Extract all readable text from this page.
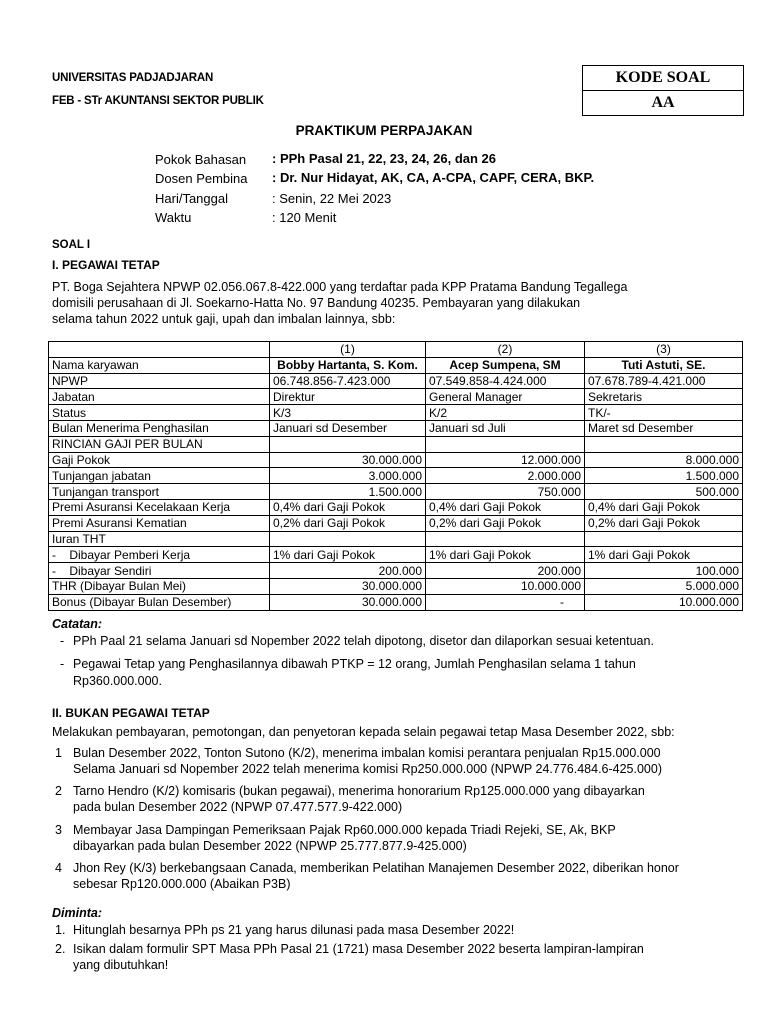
UNIVERSITAS PADJADJARAN
FEB - STr AKUNTANSI SEKTOR PUBLIK
KODE SOAL
AA
PRAKTIKUM PERPAJAKAN
Pokok Bahasan : PPh Pasal 21, 22, 23, 24, 26, dan 26
Dosen Pembina : Dr. Nur Hidayat, AK, CA, A-CPA, CAPF, CERA, BKP.
Hari/Tanggal	: Senin, 22 Mei 2023
Waktu	: 120 Menit
SOAL I
I. PEGAWAI TETAP
PT. Boga Sejahtera NPWP 02.056.067.8-422.000 yang terdaftar pada KPP Pratama Bandung Tegallega
domisili perusahaan di Jl. Soekarno-Hatta No. 97 Bandung 40235. Pembayaran yang dilakukan
selama tahun 2022 untuk gaji, upah dan imbalan lainnya, sbb:
	(1)	(2)	(3)
Nama karyawan	Bobby Hartanta, S. Kom.	Acep Sumpena, SM	Tuti Astuti, SE.
NPWP	06.748.856-7.423.000	07.549.858-4.424.000	07.678.789-4.421.000
Jabatan	Direktur	General Manager	Sekretaris
Status	K/3	K/2	TK/-
Bulan Menerima Penghasilan	Januari sd Desember	Januari sd Juli	Maret sd Desember
RINCIAN GAJI PER BULAN			
Gaji Pokok	30.000.000	12.000.000	8.000.000
Tunjangan jabatan	3.000.000	2.000.000	1.500.000
Tunjangan transport	1.500.000	750.000	500.000
Premi Asuransi Kecelakaan Kerja	0,4% dari Gaji Pokok	0,4% dari Gaji Pokok	0,4% dari Gaji Pokok
Premi Asuransi Kematian	0,2% dari Gaji Pokok	0,2% dari Gaji Pokok	0,2% dari Gaji Pokok
Iuran THT			
-    Dibayar Pemberi Kerja	1% dari Gaji Pokok	1% dari Gaji Pokok	1% dari Gaji Pokok
-    Dibayar Sendiri	200.000	200.000	100.000
THR (Dibayar Bulan Mei)	30.000.000	10.000.000	5.000.000
Bonus (Dibayar Bulan Desember)	30.000.000	-	10.000.000
Catatan:
- PPh Paal 21 selama Januari sd Nopember 2022 telah dipotong, disetor dan dilaporkan sesuai ketentuan.
- Pegawai Tetap yang Penghasilannya dibawah PTKP = 12 orang, Jumlah Penghasilan selama 1 tahun
Rp360.000.000.
II. BUKAN PEGAWAI TETAP
Melakukan pembayaran, pemotongan, dan penyetoran kepada selain pegawai tetap Masa Desember 2022, sbb:
1 Bulan Desember 2022, Tonton Sutono (K/2), menerima imbalan komisi perantara penjualan Rp15.000.000
Selama Januari sd Nopember 2022 telah menerima komisi Rp250.000.000 (NPWP 24.776.484.6-425.000)
2 Tarno Hendro (K/2) komisaris (bukan pegawai), menerima honorarium Rp125.000.000 yang dibayarkan
pada bulan Desember 2022 (NPWP 07.477.577.9-422.000)
3 Membayar Jasa Dampingan Pemeriksaan Pajak Rp60.000.000 kepada Triadi Rejeki, SE, Ak, BKP
dibayarkan pada bulan Desember 2022 (NPWP 25.777.877.9-425.000)
4 Jhon Rey (K/3) berkebangsaan Canada, memberikan Pelatihan Manajemen Desember 2022, diberikan honor
sebesar Rp120.000.000 (Abaikan P3B)
Diminta:
1. Hitunglah besarnya PPh ps 21 yang harus dilunasi pada masa Desember 2022!
2. Isikan dalam formulir SPT Masa PPh Pasal 21 (1721) masa Desember 2022 beserta lampiran-lampiran
yang dibutuhkan!
